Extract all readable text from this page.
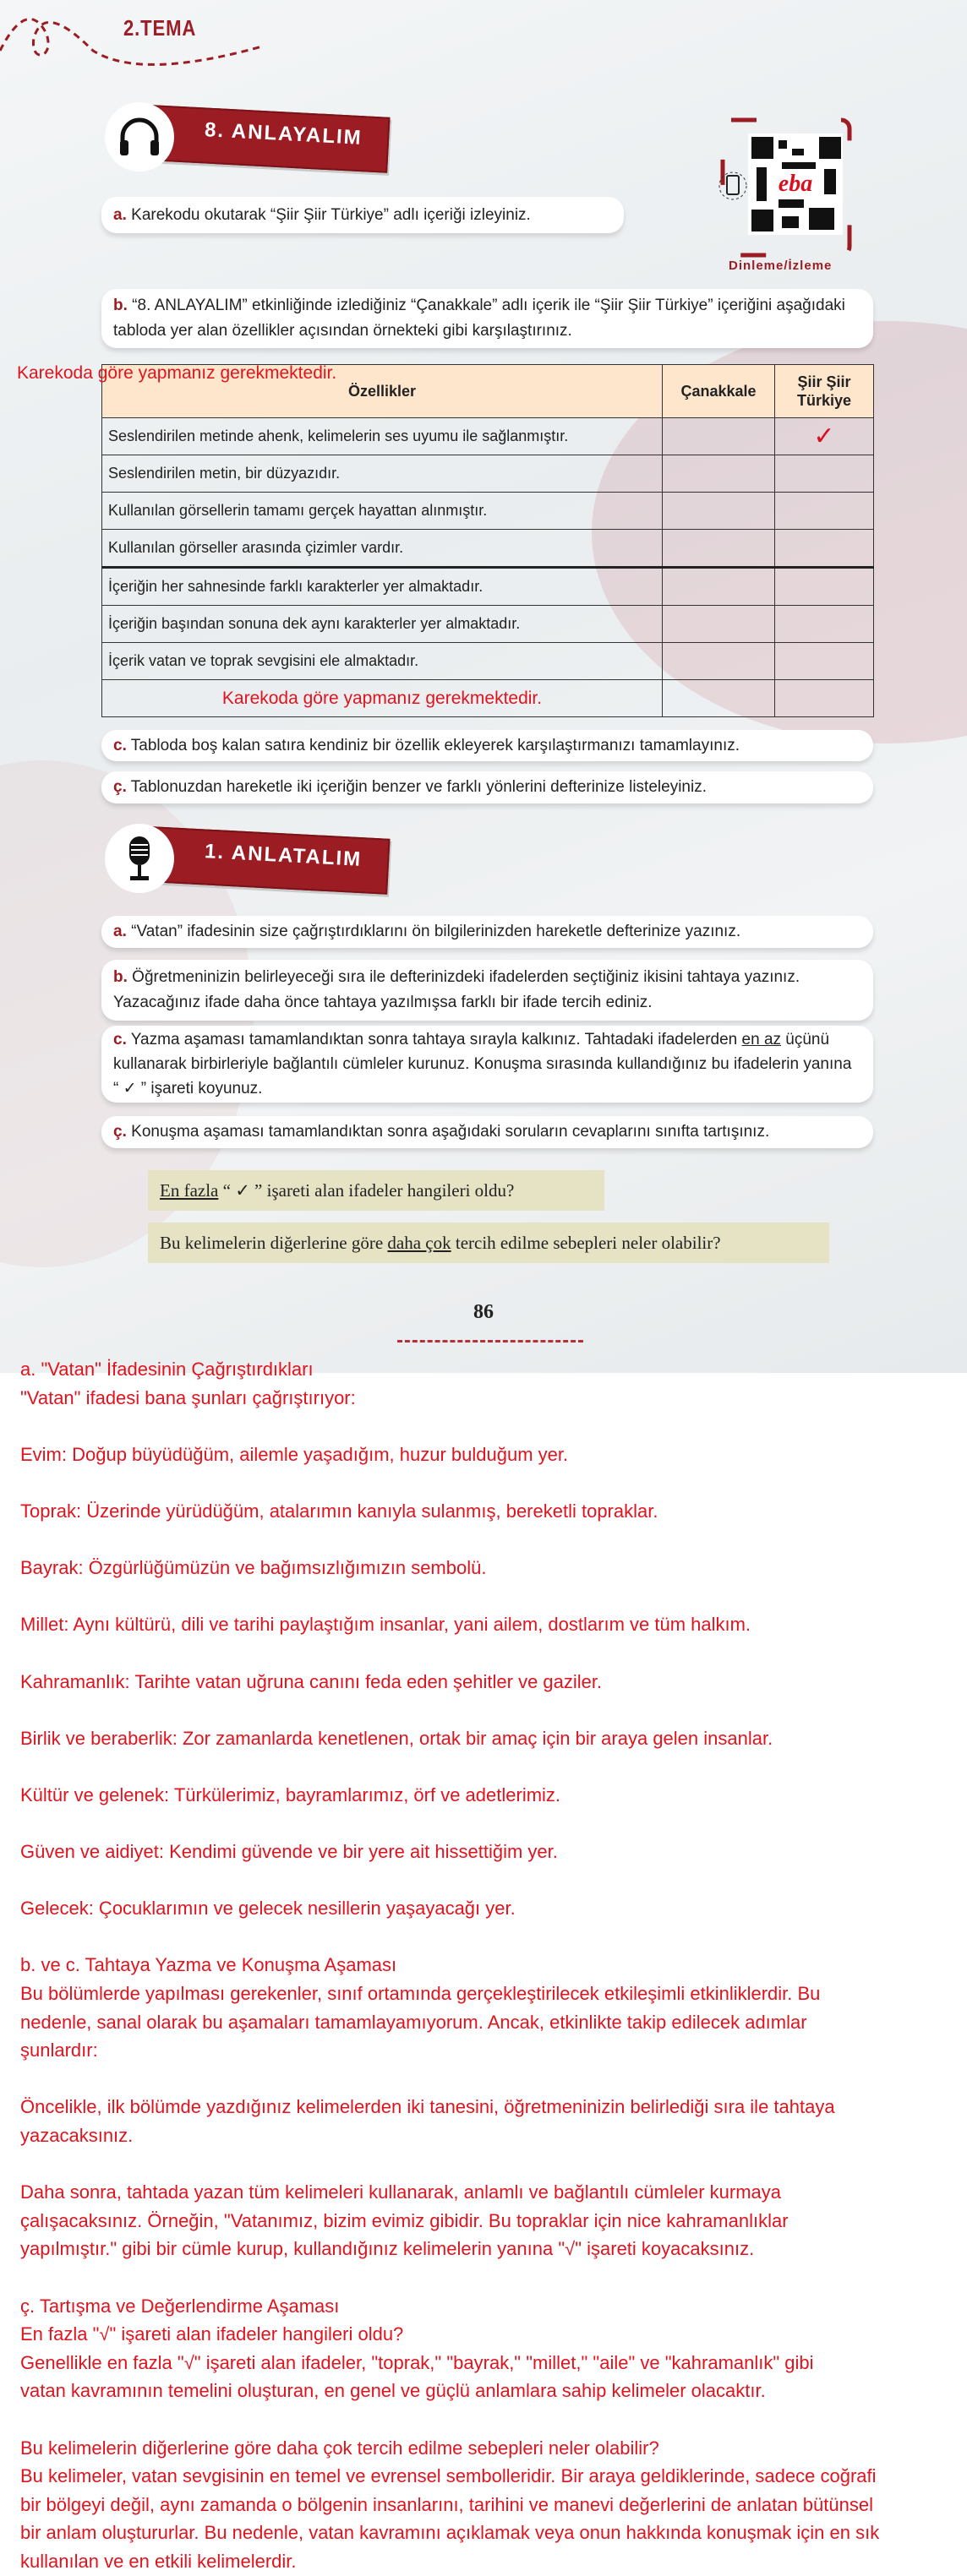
2.TEMA
8. ANLAYALIM
a. Karekodu okutarak “Şiir Şiir Türkiye” adlı içeriği izleyiniz.
eba
Dinleme/İzleme
b. “8. ANLAYALIM” etkinliğinde izlediğiniz “Çanakkale” adlı içerik ile “Şiir Şiir Türkiye” içeriğini aşağıdaki tabloda yer alan özellikler açısından örnekteki gibi karşılaştırınız.
Özellikler	Çanakkale	Şiir Şiir Türkiye
Seslendirilen metinde ahenk, kelimelerin ses uyumu ile sağlanmıştır.		✓
Seslendirilen metin, bir düzyazıdır.		
Kullanılan görsellerin tamamı gerçek hayattan alınmıştır.		
Kullanılan görseller arasında çizimler vardır.		
İçeriğin her sahnesinde farklı karakterler yer almaktadır.		
İçeriğin başından sonuna dek aynı karakterler yer almaktadır.		
İçerik vatan ve toprak sevgisini ele almaktadır.		
Karekoda göre yapmanız gerekmektedir.		
Karekoda göre yapmanız gerekmektedir.
c. Tabloda boş kalan satıra kendiniz bir özellik ekleyerek karşılaştırmanızı tamamlayınız.
ç. Tablonuzdan hareketle iki içeriğin benzer ve farklı yönlerini defterinize listeleyiniz.
1. ANLATALIM
a. “Vatan” ifadesinin size çağrıştırdıklarını ön bilgilerinizden hareketle defterinize yazınız.
b. Öğretmeninizin belirleyeceği sıra ile defterinizdeki ifadelerden seçtiğiniz ikisini tahtaya yazınız. Yazacağınız ifade daha önce tahtaya yazılmışsa farklı bir ifade tercih ediniz.
c. Yazma aşaması tamamlandıktan sonra tahtaya sırayla kalkınız. Tahtadaki ifadelerden en az üçünü kullanarak birbirleriyle bağlantılı cümleler kurunuz. Konuşma sırasında kullandığınız bu ifadelerin yanına “ ✓ ” işareti koyunuz.
ç. Konuşma aşaması tamamlandıktan sonra aşağıdaki soruların cevaplarını sınıfta tartışınız.
En fazla “ ✓ ” işareti alan ifadeler hangileri oldu?
Bu kelimelerin diğerlerine göre daha çok tercih edilme sebepleri neler olabilir?
86
a. "Vatan" İfadesinin Çağrıştırdıkları
"Vatan" ifadesi bana şunları çağrıştırıyor:
Evim: Doğup büyüdüğüm, ailemle yaşadığım, huzur bulduğum yer.
Toprak: Üzerinde yürüdüğüm, atalarımın kanıyla sulanmış, bereketli topraklar.
Bayrak: Özgürlüğümüzün ve bağımsızlığımızın sembolü.
Millet: Aynı kültürü, dili ve tarihi paylaştığım insanlar, yani ailem, dostlarım ve tüm halkım.
Kahramanlık: Tarihte vatan uğruna canını feda eden şehitler ve gaziler.
Birlik ve beraberlik: Zor zamanlarda kenetlenen, ortak bir amaç için bir araya gelen insanlar.
Kültür ve gelenek: Türkülerimiz, bayramlarımız, örf ve adetlerimiz.
Güven ve aidiyet: Kendimi güvende ve bir yere ait hissettiğim yer.
Gelecek: Çocuklarımın ve gelecek nesillerin yaşayacağı yer.
b. ve c. Tahtaya Yazma ve Konuşma Aşaması
Bu bölümlerde yapılması gerekenler, sınıf ortamında gerçekleştirilecek etkileşimli etkinliklerdir. Bu
nedenle, sanal olarak bu aşamaları tamamlayamıyorum. Ancak, etkinlikte takip edilecek adımlar
şunlardır:
Öncelikle, ilk bölümde yazdığınız kelimelerden iki tanesini, öğretmeninizin belirlediği sıra ile tahtaya
yazacaksınız.
Daha sonra, tahtada yazan tüm kelimeleri kullanarak, anlamlı ve bağlantılı cümleler kurmaya
çalışacaksınız. Örneğin, "Vatanımız, bizim evimiz gibidir. Bu topraklar için nice kahramanlıklar
yapılmıştır." gibi bir cümle kurup, kullandığınız kelimelerin yanına "√" işareti koyacaksınız.
ç. Tartışma ve Değerlendirme Aşaması
En fazla "√" işareti alan ifadeler hangileri oldu?
Genellikle en fazla "√" işareti alan ifadeler, "toprak," "bayrak," "millet," "aile" ve "kahramanlık" gibi
vatan kavramının temelini oluşturan, en genel ve güçlü anlamlara sahip kelimeler olacaktır.
Bu kelimelerin diğerlerine göre daha çok tercih edilme sebepleri neler olabilir?
Bu kelimeler, vatan sevgisinin en temel ve evrensel sembolleridir. Bir araya geldiklerinde, sadece coğrafi
bir bölgeyi değil, aynı zamanda o bölgenin insanlarını, tarihini ve manevi değerlerini de anlatan bütünsel
bir anlam oluştururlar. Bu nedenle, vatan kavramını açıklamak veya onun hakkında konuşmak için en sık
kullanılan ve en etkili kelimelerdir.
